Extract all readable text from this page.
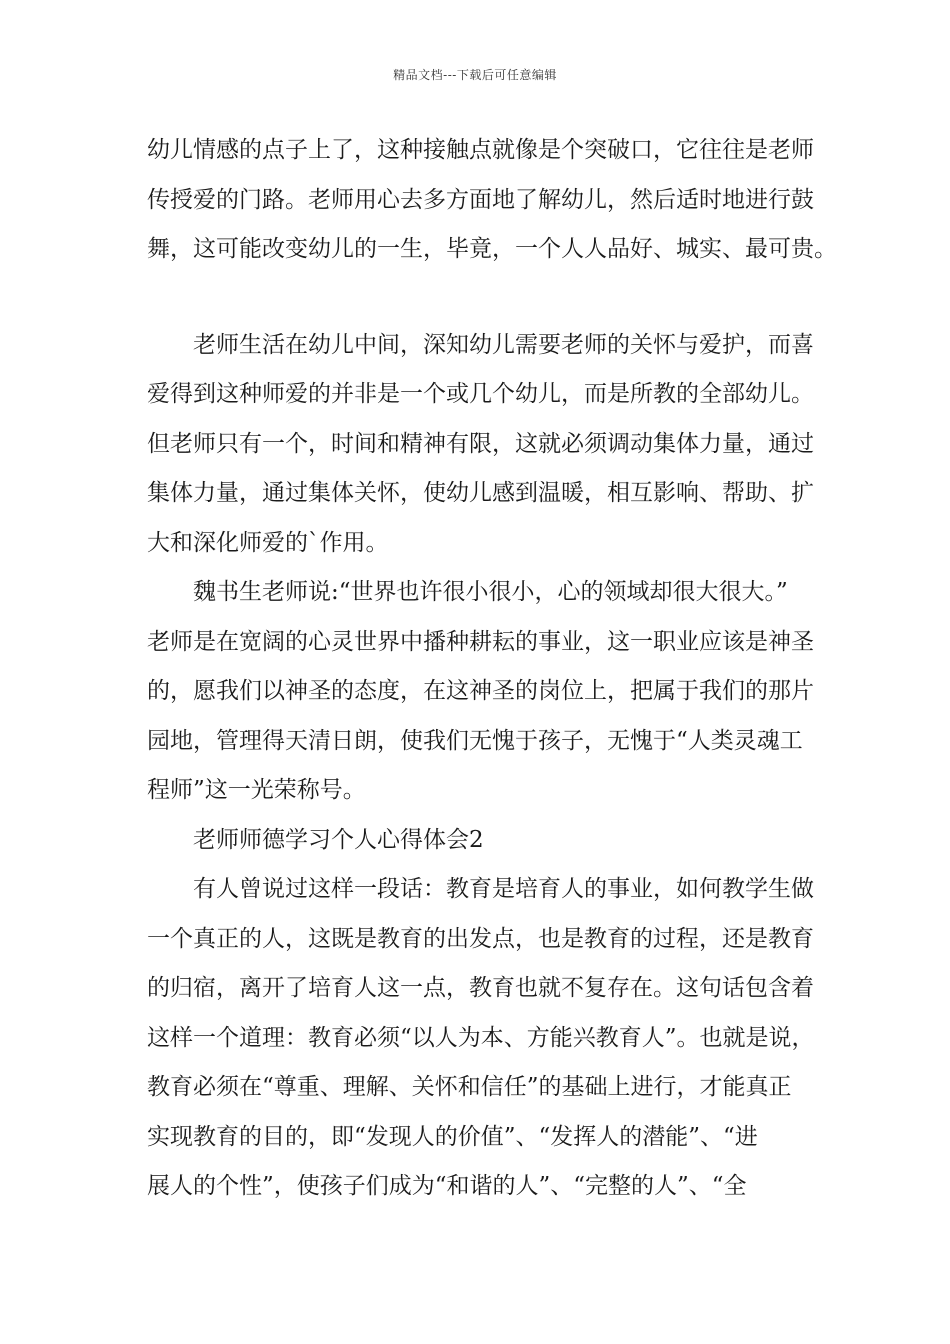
精品文档---下载后可任意编辑
幼儿情感的点子上了，这种接触点就像是个突破口，它往往是老师
传授爱的门路。老师用心去多方面地了解幼儿，然后适时地进行鼓
舞，这可能改变幼儿的一生，毕竟，一个人人品好、城实、最可贵。
老师生活在幼儿中间，深知幼儿需要老师的关怀与爱护，而喜
爱得到这种师爱的并非是一个或几个幼儿，而是所教的全部幼儿。
但老师只有一个，时间和精神有限，这就必须调动集体力量，通过
集体力量，通过集体关怀，使幼儿感到温暖，相互影响、帮助、扩
大和深化师爱的`作用。
魏书生老师说:“世界也许很小很小，心的领域却很大很大。”
老师是在宽阔的心灵世界中播种耕耘的事业，这一职业应该是神圣
的，愿我们以神圣的态度，在这神圣的岗位上，把属于我们的那片
园地，管理得天清日朗，使我们无愧于孩子，无愧于“人类灵魂工
程师”这一光荣称号。
老师师德学习个人心得体会2
有人曾说过这样一段话：教育是培育人的事业，如何教学生做
一个真正的人，这既是教育的出发点，也是教育的过程，还是教育
的归宿，离开了培育人这一点，教育也就不复存在。这句话包含着
这样一个道理：教育必须“以人为本、方能兴教育人”。也就是说，
教育必须在“尊重、理解、关怀和信任”的基础上进行，才能真正
实现教育的目的，即“发现人的价值”、“发挥人的潜能”、“进
展人的个性”，使孩子们成为“和谐的人”、“完整的人”、“全
